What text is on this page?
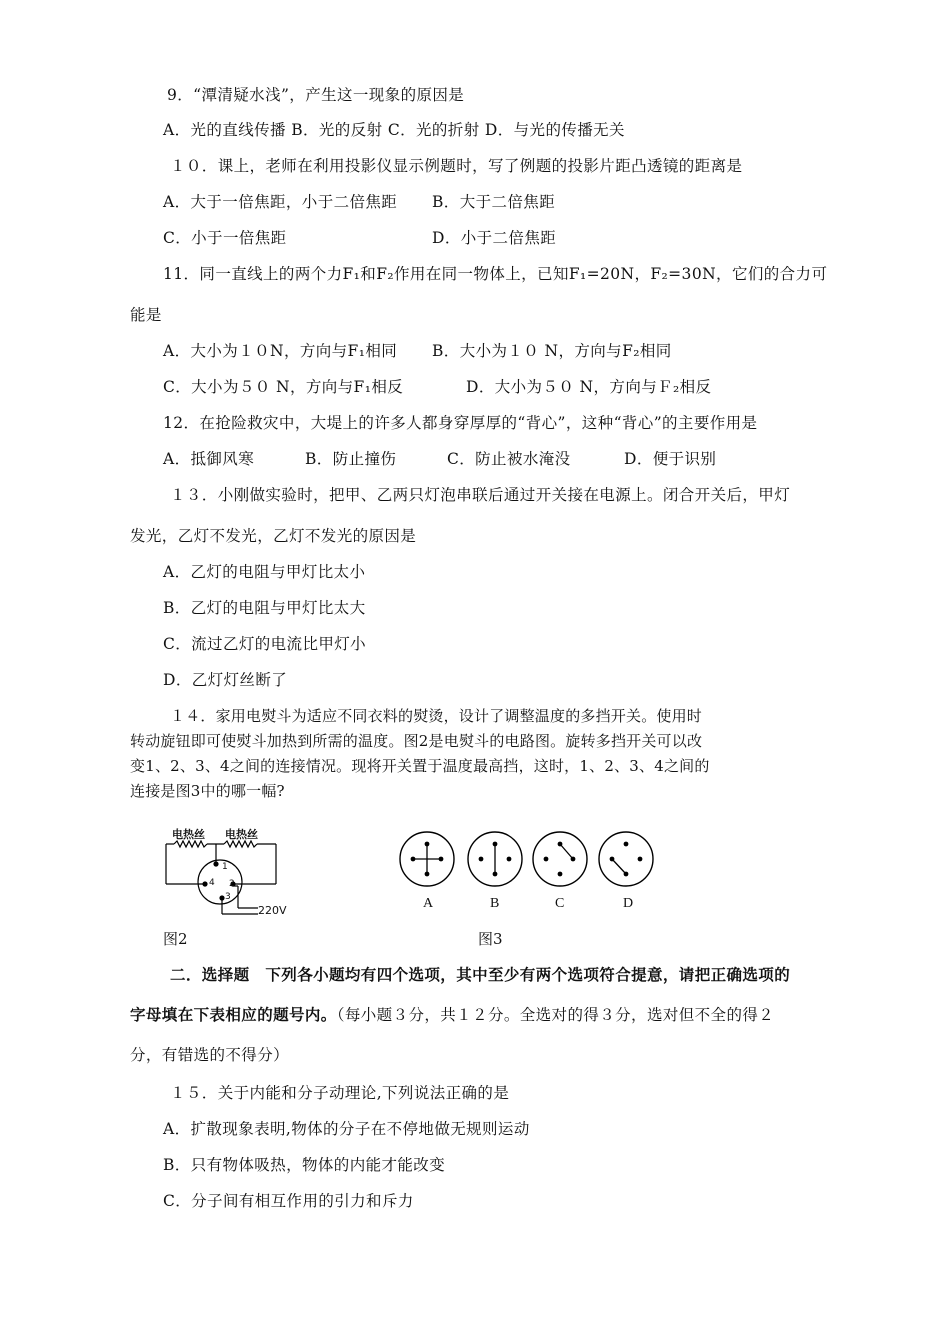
9．“潭清疑水浅”，产生这一现象的原因是
A．光的直线传播 B．光的反射 C．光的折射 D．与光的传播无关
１０．课上，老师在利用投影仪显示例题时，写了例题的投影片距凸透镜的距离是
A．大于一倍焦距，小于二倍焦距 B．大于二倍焦距
C．小于一倍焦距	D．小于二倍焦距
11．同一直线上的两个力F₁和F₂作用在同一物体上，已知F₁=20N，F₂=30N，它们的合力可
能是
A．大小为１０N，方向与F₁相同 B．大小为１０ N，方向与F₂相同
C．大小为５０ N，方向与F₁相反	D．大小为５０ N，方向与Ｆ₂相反
12．在抢险救灾中，大堤上的许多人都身穿厚厚的“背心”，这种“背心”的主要作用是
A．抵御风寒	B．防止撞伤	C．防止被水淹没	D．便于识别
１３．小刚做实验时，把甲、乙两只灯泡串联后通过开关接在电源上。闭合开关后，甲灯
发光，乙灯不发光，乙灯不发光的原因是
A．乙灯的电阻与甲灯比太小
B．乙灯的电阻与甲灯比太大
C．流过乙灯的电流比甲灯小
D．乙灯灯丝断了
１４．家用电熨斗为适应不同衣料的熨烫，设计了调整温度的多挡开关。使用时
转动旋钮即可使熨斗加热到所需的温度。图2是电熨斗的电路图。旋转多挡开关可以改
变1、2、3、4之间的连接情况。现将开关置于温度最高挡，这时，1、2、3、4之间的
连接是图3中的哪一幅?
电热丝 电热丝
1
4 2
3
220V
图2
A	B	C	D
图3
二．选择题　下列各小题均有四个选项，其中至少有两个选项符合提意，请把正确选项的
字母填在下表相应的题号内。（每小题３分，共１２分。全选对的得３分，选对但不全的得２
分，有错选的不得分）
１５．关于内能和分子动理论,下列说法正确的是
A．扩散现象表明,物体的分子在不停地做无规则运动
B．只有物体吸热，物体的内能才能改变
C．分子间有相互作用的引力和斥力
